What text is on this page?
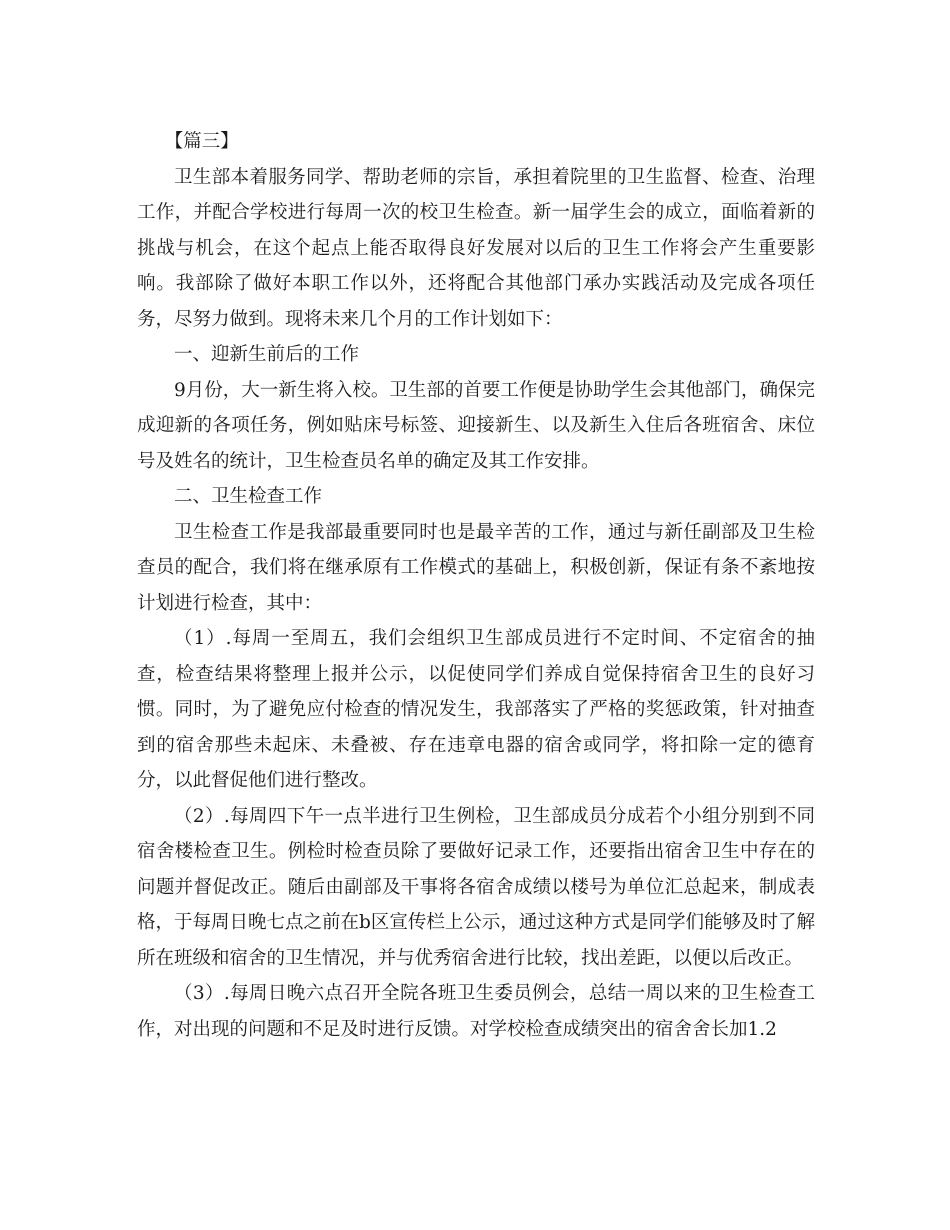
【篇三】

卫生部本着服务同学、帮助老师的宗旨，承担着院里的卫生监督、检查、治理工作，并配合学校进行每周一次的校卫生检查。新一届学生会的成立，面临着新的挑战与机会，在这个起点上能否取得良好发展对以后的卫生工作将会产生重要影响。我部除了做好本职工作以外，还将配合其他部门承办实践活动及完成各项任务，尽努力做到。现将未来几个月的工作计划如下：

一、迎新生前后的工作

9月份，大一新生将入校。卫生部的首要工作便是协助学生会其他部门，确保完成迎新的各项任务，例如贴床号标签、迎接新生、以及新生入住后各班宿舍、床位号及姓名的统计，卫生检查员名单的确定及其工作安排。

二、卫生检查工作

卫生检查工作是我部最重要同时也是最辛苦的工作，通过与新任副部及卫生检查员的配合，我们将在继承原有工作模式的基础上，积极创新，保证有条不紊地按计划进行检查，其中：

（1）.每周一至周五，我们会组织卫生部成员进行不定时间、不定宿舍的抽查，检查结果将整理上报并公示，以促使同学们养成自觉保持宿舍卫生的良好习惯。同时，为了避免应付检查的情况发生，我部落实了严格的奖惩政策，针对抽查到的宿舍那些未起床、未叠被、存在违章电器的宿舍或同学，将扣除一定的德育分，以此督促他们进行整改。

（2）.每周四下午一点半进行卫生例检，卫生部成员分成若个小组分别到不同宿舍楼检查卫生。例检时检查员除了要做好记录工作，还要指出宿舍卫生中存在的问题并督促改正。随后由副部及干事将各宿舍成绩以楼号为单位汇总起来，制成表格，于每周日晚七点之前在b区宣传栏上公示，通过这种方式是同学们能够及时了解所在班级和宿舍的卫生情况，并与优秀宿舍进行比较，找出差距，以便以后改正。

（3）.每周日晚六点召开全院各班卫生委员例会，总结一周以来的卫生检查工作，对出现的问题和不足及时进行反馈。对学校检查成绩突出的宿舍舍长加1.2
